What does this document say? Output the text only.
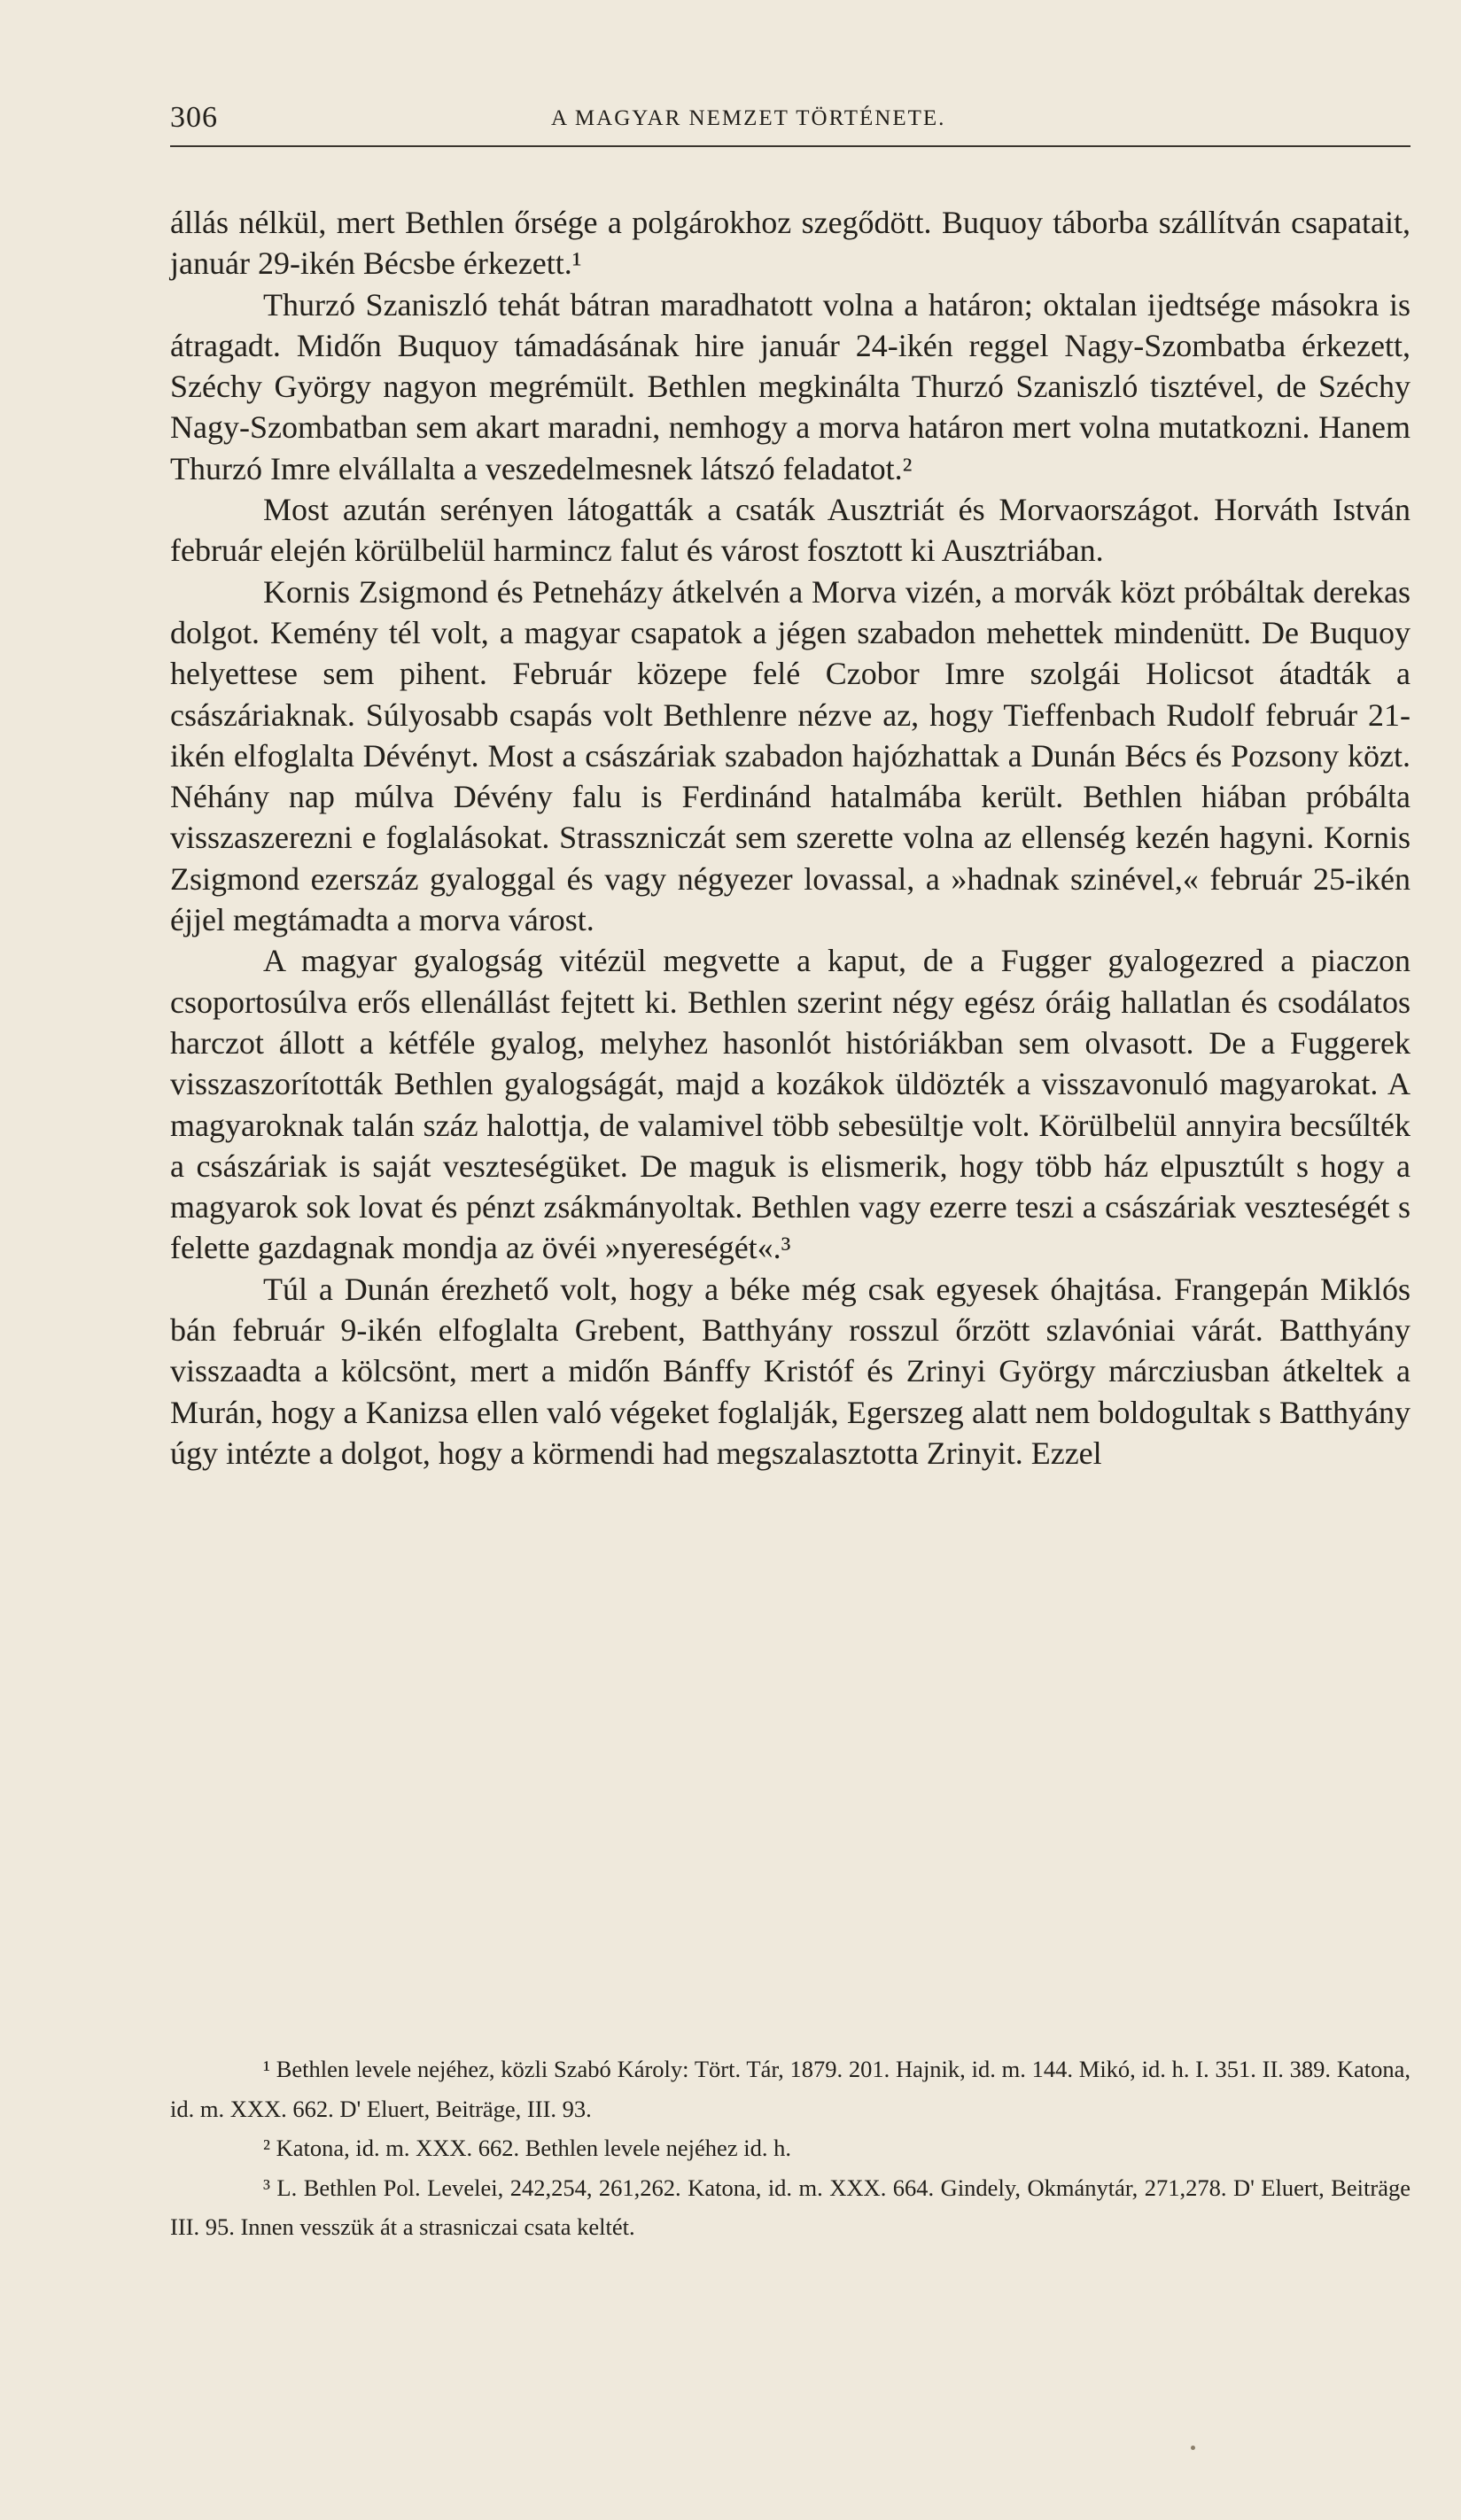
306	A MAGYAR NEMZET TÖRTÉNETE.

állás nélkül, mert Bethlen őrsége a polgárokhoz szegődött. Buquoy táborba szállítván csapatait, január 29-ikén Bécsbe érkezett.¹

Thurzó Szaniszló tehát bátran maradhatott volna a határon; oktalan ijedtsége másokra is átragadt. Midőn Buquoy támadásának hire január 24-ikén reggel Nagy-Szombatba érkezett, Széchy György nagyon megrémült. Bethlen megkinálta Thurzó Szaniszló tisztével, de Széchy Nagy-Szombatban sem akart maradni, nemhogy a morva határon mert volna mutatkozni. Hanem Thurzó Imre elvállalta a veszedelmesnek látszó feladatot.²

Most azután serényen látogatták a csaták Ausztriát és Morvaországot. Horváth István február elején körülbelül harmincz falut és várost fosztott ki Ausztriában.

Kornis Zsigmond és Petneházy átkelvén a Morva vizén, a morvák közt próbáltak derekas dolgot. Kemény tél volt, a magyar csapatok a jégen szabadon mehettek mindenütt. De Buquoy helyettese sem pihent. Február közepe felé Czobor Imre szolgái Holicsot átadták a császáriaknak. Súlyosabb csapás volt Bethlenre nézve az, hogy Tieffenbach Rudolf február 21-ikén elfoglalta Dévényt. Most a császáriak szabadon hajózhattak a Dunán Bécs és Pozsony közt. Néhány nap múlva Dévény falu is Ferdinánd hatalmába került. Bethlen hiában próbálta visszaszerezni e foglalásokat. Strasszniczát sem szerette volna az ellenség kezén hagyni. Kornis Zsigmond ezerszáz gyaloggal és vagy négyezer lovassal, a »hadnak szinével,« február 25-ikén éjjel megtámadta a morva várost.

A magyar gyalogság vitézül megvette a kaput, de a Fugger gyalogezred a piaczon csoportosúlva erős ellenállást fejtett ki. Bethlen szerint négy egész óráig hallatlan és csodálatos harczot állott a kétféle gyalog, melyhez hasonlót históriákban sem olvasott. De a Fuggerek visszaszorították Bethlen gyalogságát, majd a kozákok üldözték a visszavonuló magyarokat. A magyaroknak talán száz halottja, de valamivel több sebesültje volt. Körülbelül annyira becsűlték a császáriak is saját veszteségüket. De maguk is elismerik, hogy több ház elpusztúlt s hogy a magyarok sok lovat és pénzt zsákmányoltak. Bethlen vagy ezerre teszi a császáriak veszteségét s felette gazdagnak mondja az övéi »nyereségét«.³

Túl a Dunán érezhető volt, hogy a béke még csak egyesek óhajtása. Frangepán Miklós bán február 9-ikén elfoglalta Grebent, Batthyány rosszul őrzött szlavóniai várát. Batthyány visszaadta a kölcsönt, mert a midőn Bánffy Kristóf és Zrinyi György márcziusban átkeltek a Murán, hogy a Kanizsa ellen való végeket foglalják, Egerszeg alatt nem boldogultak s Batthyány úgy intézte a dolgot, hogy a körmendi had megszalasztotta Zrinyit. Ezzel

¹ Bethlen levele nejéhez, közli Szabó Károly: Tört. Tár, 1879. 201. Hajnik, id. m. 144. Mikó, id. h. I. 351. II. 389. Katona, id. m. XXX. 662. D' Eluert, Beiträge, III. 93.

² Katona, id. m. XXX. 662. Bethlen levele nejéhez id. h.

³ L. Bethlen Pol. Levelei, 242,254, 261,262. Katona, id. m. XXX. 664. Gindely, Okmánytár, 271,278. D' Eluert, Beiträge III. 95. Innen vesszük át a strasniczai csata keltét.
